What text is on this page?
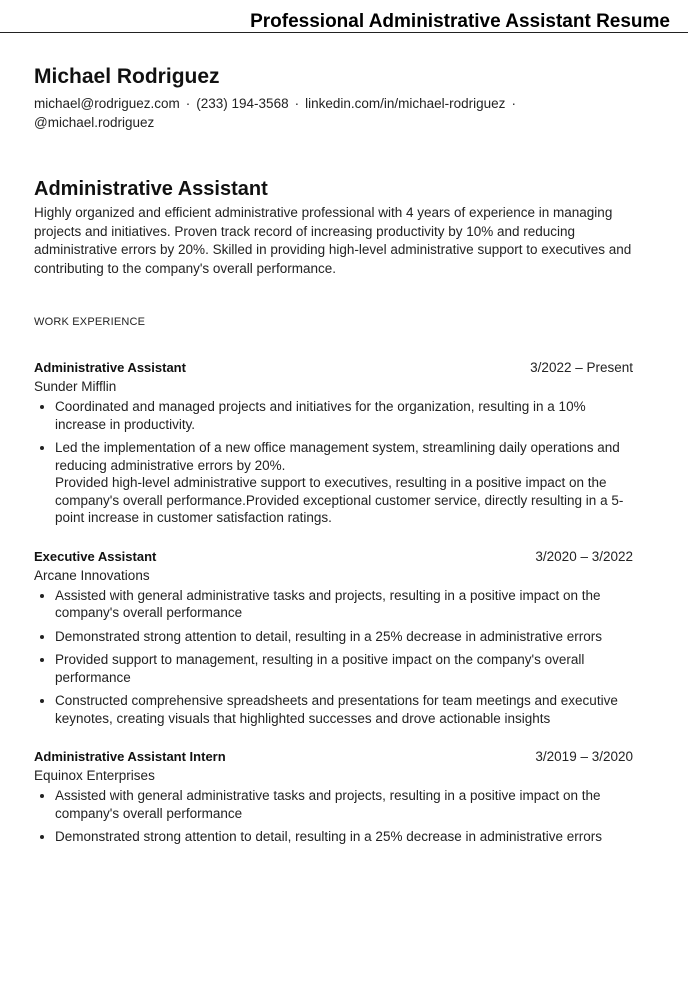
Professional Administrative Assistant Resume
Michael Rodriguez
michael@rodriguez.com · (233) 194-3568 · linkedin.com/in/michael-rodriguez ·
@michael.rodriguez
Administrative Assistant
Highly organized and efficient administrative professional with 4 years of experience in managing projects and initiatives. Proven track record of increasing productivity by 10% and reducing administrative errors by 20%. Skilled in providing high-level administrative support to executives and contributing to the company's overall performance.
WORK EXPERIENCE
Administrative Assistant	3/2022 – Present
Sunder Mifflin
• Coordinated and managed projects and initiatives for the organization, resulting in a 10% increase in productivity.
• Led the implementation of a new office management system, streamlining daily operations and reducing administrative errors by 20%.
Provided high-level administrative support to executives, resulting in a positive impact on the company's overall performance.Provided exceptional customer service, directly resulting in a 5-point increase in customer satisfaction ratings.
Executive Assistant	3/2020 – 3/2022
Arcane Innovations
• Assisted with general administrative tasks and projects, resulting in a positive impact on the company's overall performance
• Demonstrated strong attention to detail, resulting in a 25% decrease in administrative errors
• Provided support to management, resulting in a positive impact on the company's overall performance
• Constructed comprehensive spreadsheets and presentations for team meetings and executive keynotes, creating visuals that highlighted successes and drove actionable insights
Administrative Assistant Intern	3/2019 – 3/2020
Equinox Enterprises
• Assisted with general administrative tasks and projects, resulting in a positive impact on the company's overall performance
• Demonstrated strong attention to detail, resulting in a 25% decrease in administrative errors
